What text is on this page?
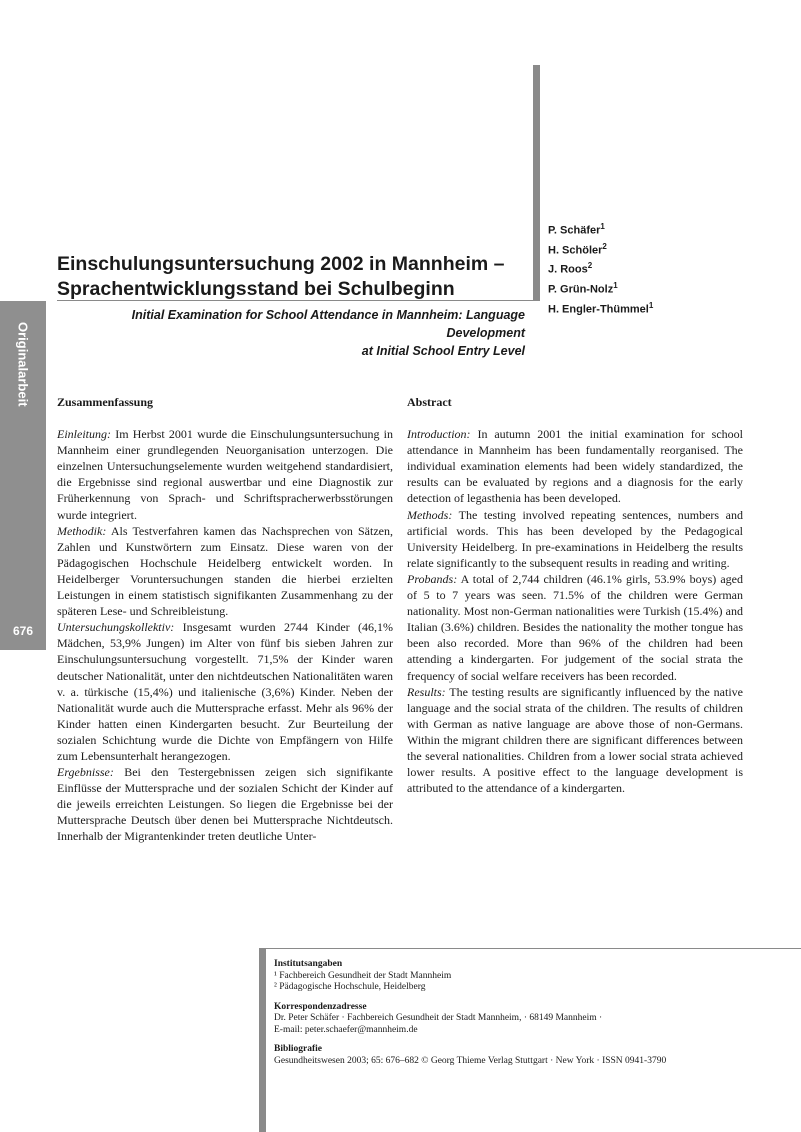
Originalarbeit
676
P. Schäfer$^1$
H. Schöler$^2$
J. Roos$^2$
P. Grün-Nolz$^1$
H. Engler-Thümmel$^1$
Einschulungsuntersuchung 2002 in Mannheim –
Sprachentwicklungsstand bei Schulbeginn
Initial Examination for School Attendance in Mannheim: Language Development
at Initial School Entry Level
Zusammenfassung

Einleitung: Im Herbst 2001 wurde die Einschulungsuntersuchung in Mannheim einer grundlegenden Neuorganisation unterzogen. Die einzelnen Untersuchungselemente wurden weitgehend standardisiert, die Ergebnisse sind regional auswertbar und eine Diagnostik zur Früherkennung von Sprach- und Schriftspracherwerbsstörungen wurde integriert.

Methodik: Als Testverfahren kamen das Nachsprechen von Sätzen, Zahlen und Kunstwörtern zum Einsatz. Diese waren von der Pädagogischen Hochschule Heidelberg entwickelt worden. In Heidelberger Voruntersuchungen standen die hierbei erzielten Leistungen in einem statistisch signifikanten Zusammenhang zu der späteren Lese- und Schreibleistung.

Untersuchungskollektiv: Insgesamt wurden 2744 Kinder (46,1% Mädchen, 53,9% Jungen) im Alter von fünf bis sieben Jahren zur Einschulungsuntersuchung vorgestellt. 71,5% der Kinder waren deutscher Nationalität, unter den nichtdeutschen Nationalitäten waren v. a. türkische (15,4%) und italienische (3,6%) Kinder. Neben der Nationalität wurde auch die Muttersprache erfasst. Mehr als 96% der Kinder hatten einen Kindergarten besucht. Zur Beurteilung der sozialen Schichtung wurde die Dichte von Empfängern von Hilfe zum Lebensunterhalt herangezogen.

Ergebnisse: Bei den Testergebnissen zeigen sich signifikante Einflüsse der Muttersprache und der sozialen Schicht der Kinder auf die jeweils erreichten Leistungen. So liegen die Ergebnisse bei der Muttersprache Deutsch über denen bei Muttersprache Nichtdeutsch. Innerhalb der Migrantenkinder treten deutliche Unter-

Abstract

Introduction: In autumn 2001 the initial examination for school attendance in Mannheim has been fundamentally reorganised. The individual examination elements had been widely standardized, the results can be evaluated by regions and a diagnosis for the early detection of legasthenia has been developed.

Methods: The testing involved repeating sentences, numbers and artificial words. This has been developed by the Pedagogical University Heidelberg. In pre-examinations in Heidelberg the results relate significantly to the subsequent results in reading and writing.

Probands: A total of 2,744 children (46.1% girls, 53.9% boys) aged of 5 to 7 years was seen. 71.5% of the children were German nationality. Most non-German nationalities were Turkish (15.4%) and Italian (3.6%) children. Besides the nationality the mother tongue has been also recorded. More than 96% of the children had been attending a kindergarten. For judgement of the social strata the frequency of social welfare receivers has been recorded.

Results: The testing results are significantly influenced by the native language and the social strata of the children. The results of children with German as native language are above those of non-Germans. Within the migrant children there are significant differences between the several nationalities. Children from a lower social strata achieved lower results. A positive effect to the language development is attributed to the attendance of a kindergarten.

Institutsangaben
¹ Fachbereich Gesundheit der Stadt Mannheim
² Pädagogische Hochschule, Heidelberg
Korrespondenzadresse
Dr. Peter Schäfer · Fachbereich Gesundheit der Stadt Mannheim, · 68149 Mannheim ·
E-mail: peter.schaefer@mannheim.de
Bibliografie
Gesundheitswesen 2003; 65: 676–682 © Georg Thieme Verlag Stuttgart · New York · ISSN 0941-3790
